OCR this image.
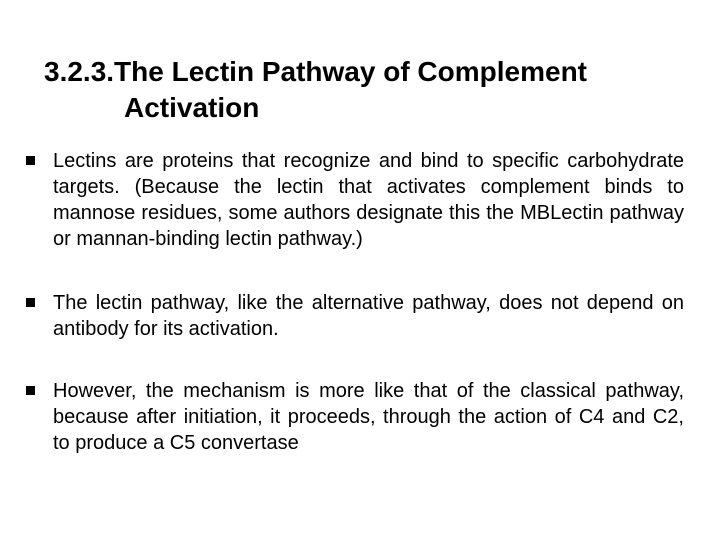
3.2.3.The Lectin Pathway of Complement
Activation
Lectins are proteins that recognize and bind to specific carbohydrate targets. (Because the lectin that activates complement binds to mannose residues, some authors designate this the MBLectin pathway or mannan-binding lectin pathway.)
The lectin pathway, like the alternative pathway, does not depend on antibody for its activation.
However, the mechanism is more like that of the classical pathway, because after initiation, it proceeds, through the action of C4 and C2, to produce a C5 convertase
